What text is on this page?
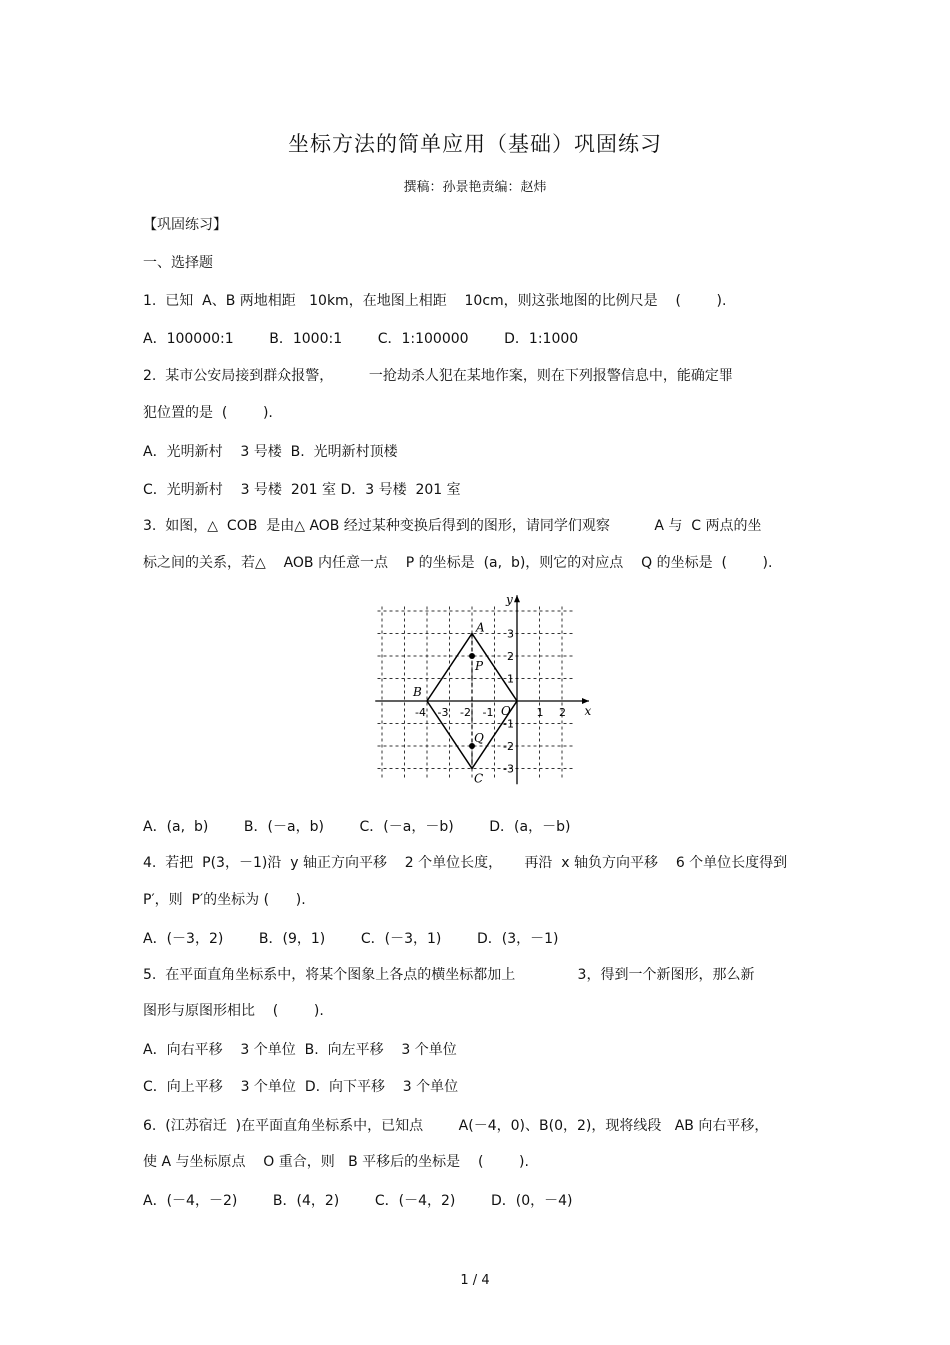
坐标方法的简单应用（基础）巩固练习
撰稿：孙景艳责编：赵炜
【巩固练习】
一、选择题
1.  已知  A、B 两地相距   10km，在地图上相距    10cm，则这张地图的比例尺是    (        ).
A．100000:1        B．1000:1        C．1:100000        D．1:1000
2.  某市公安局接到群众报警，        一抢劫杀人犯在某地作案，则在下列报警信息中，能确定罪
犯位置的是  (        ).
A．光明新村    3 号楼  B.  光明新村顶楼
C．光明新村    3 号楼  201 室 D．3 号楼  201 室
3.  如图，△  COB  是由△ AOB 经过某种变换后得到的图形，请同学们观察          A 与  C 两点的坐
标之间的关系，若△    AOB 内任意一点    P 的坐标是  (a,  b)，则它的对应点    Q 的坐标是  (        ).
A
B
C
P
Q
O	x
y
-4 -3 -2 -1	1 2
3
2
1
-1
-2
-3
A．(a,  b)        B．(－a，b)        C．(－a，－b)        D．(a，－b)
4.  若把  P(3，－1)沿  y 轴正方向平移    2 个单位长度，     再沿  x 轴负方向平移    6 个单位长度得到
P′，则  P′的坐标为 (      ).
A．(－3，2)        B．(9，1)        C．(－3，1)        D．(3，－1)
5.  在平面直角坐标系中，将某个图象上各点的横坐标都加上              3，得到一个新图形，那么新
图形与原图形相比    (        ).
A．向右平移    3 个单位  B.  向左平移    3 个单位
C．向上平移    3 个单位  D.  向下平移    3 个单位
6.  (江苏宿迁  )在平面直角坐标系中，已知点        A(－4，0)、B(0，2)，现将线段   AB 向右平移，
使 A 与坐标原点    O 重合，则   B 平移后的坐标是    (        ).
A．(－4，－2)        B．(4，2)        C．(－4，2)        D．(0，－4)
1 / 4
